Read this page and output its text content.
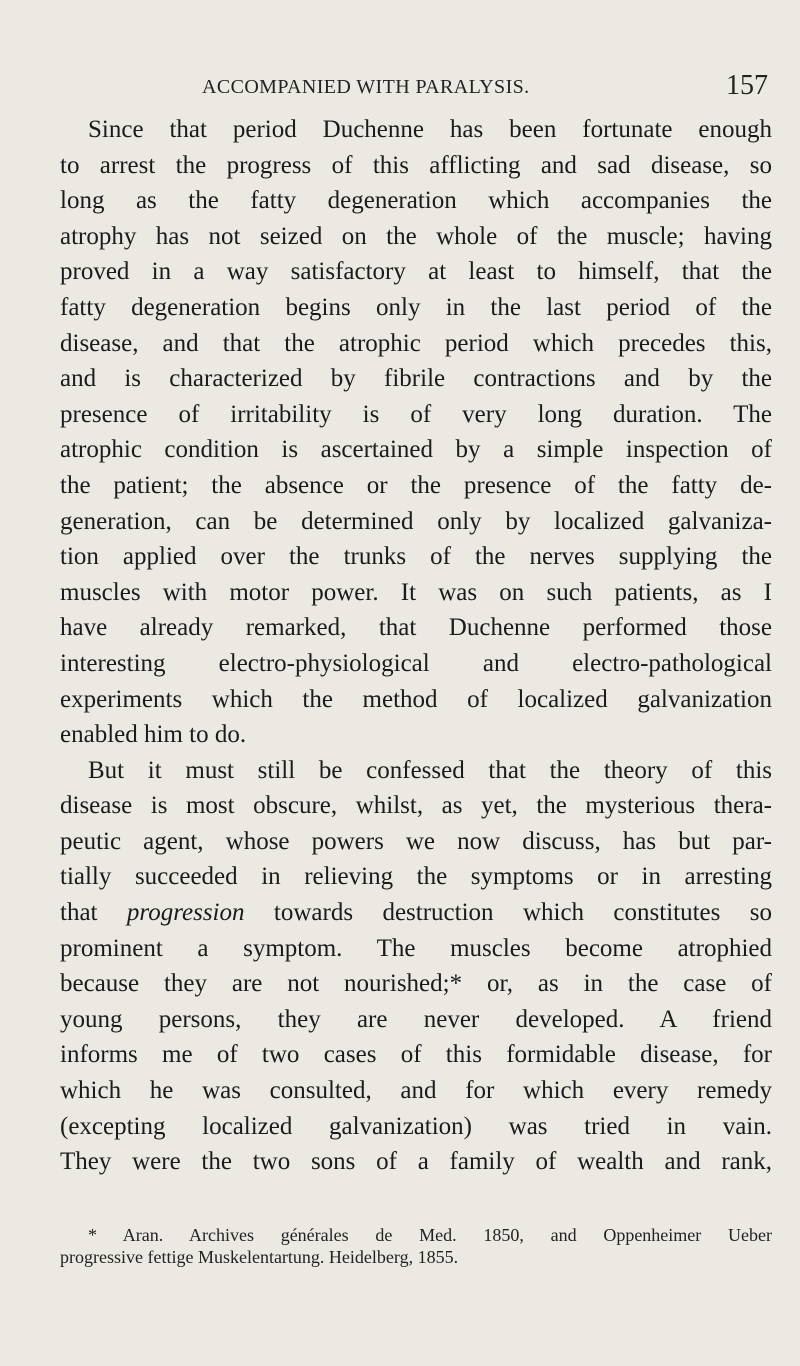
ACCOMPANIED WITH PARALYSIS.	157
Since that period Duchenne has been fortunate enough
to arrest the progress of this afflicting and sad disease, so
long as the fatty degeneration which accompanies the
atrophy has not seized on the whole of the muscle; having
proved in a way satisfactory at least to himself, that the
fatty degeneration begins only in the last period of the
disease, and that the atrophic period which precedes this,
and is characterized by fibrile contractions and by the
presence of irritability is of very long duration. The
atrophic condition is ascertained by a simple inspection of
the patient; the absence or the presence of the fatty de-
generation, can be determined only by localized galvaniza-
tion applied over the trunks of the nerves supplying the
muscles with motor power. It was on such patients, as I
have already remarked, that Duchenne performed those
interesting electro-physiological and electro-pathological
experiments which the method of localized galvanization
enabled him to do.
But it must still be confessed that the theory of this
disease is most obscure, whilst, as yet, the mysterious thera-
peutic agent, whose powers we now discuss, has but par-
tially succeeded in relieving the symptoms or in arresting
that progression towards destruction which constitutes so
prominent a symptom. The muscles become atrophied
because they are not nourished;* or, as in the case of
young persons, they are never developed. A friend
informs me of two cases of this formidable disease, for
which he was consulted, and for which every remedy
(excepting localized galvanization) was tried in vain.
They were the two sons of a family of wealth and rank,
* Aran. Archives générales de Med. 1850, and Oppenheimer Ueber
progressive fettige Muskelentartung. Heidelberg, 1855.
